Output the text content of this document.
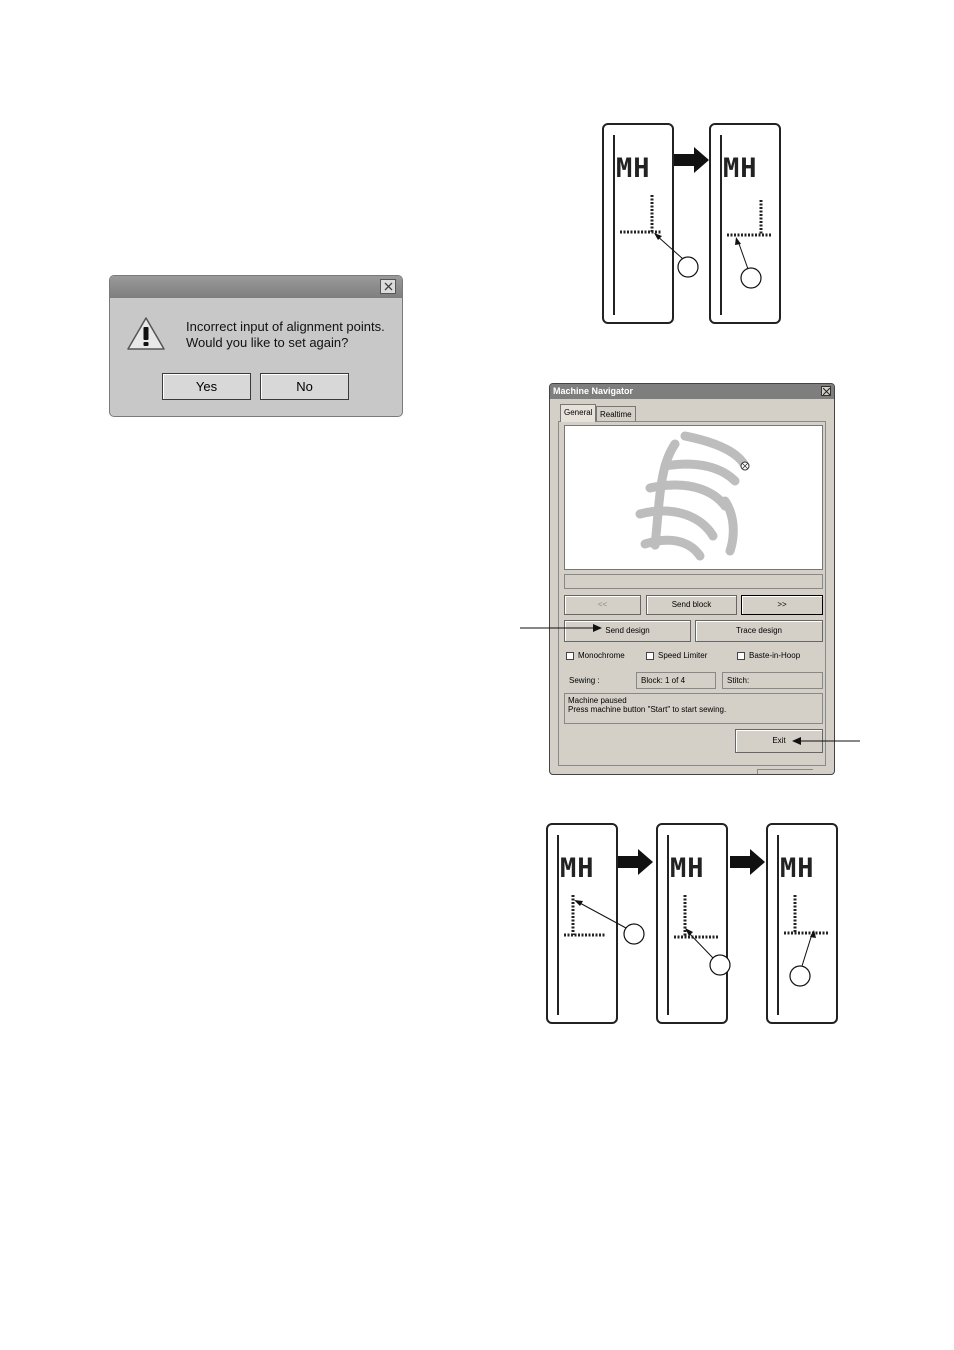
Incorrect input of alignment points.
Would you like to set again?
Yes	No
MH	MH
Machine Navigator
General Realtime
<<	Send block	>>
Send design	Trace design
Monochrome	Speed Limiter	Baste-in-Hoop
Sewing :	Block: 1 of 4	Stitch:
Machine paused
Press machine button "Start" to start sewing.
Exit
MH	MH	MH
